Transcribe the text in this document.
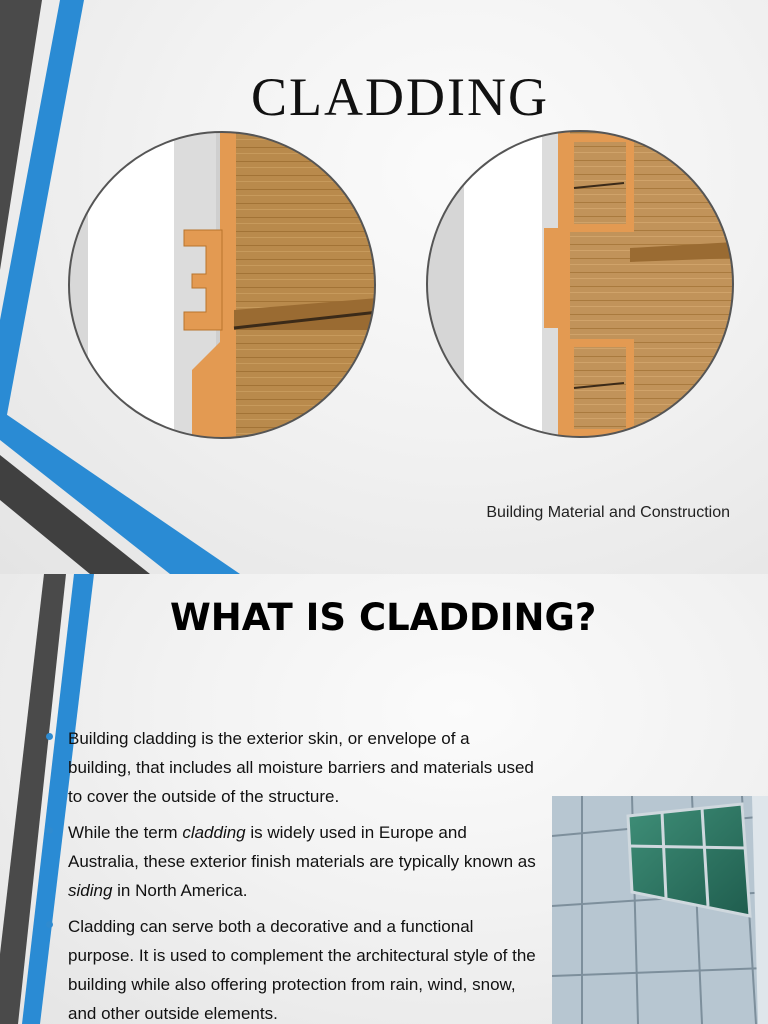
CLADDING
Building Material and Construction
WHAT IS CLADDING?
Building cladding is the exterior skin, or envelope of a building, that includes all moisture barriers and materials used to cover the outside of the structure.
While the term cladding is widely used in Europe and Australia, these exterior finish materials are typically known as siding in North America.
Cladding can serve both a decorative and a functional purpose. It is used to complement the architectural style of the building while also offering protection from rain, wind, snow, and other outside elements.
